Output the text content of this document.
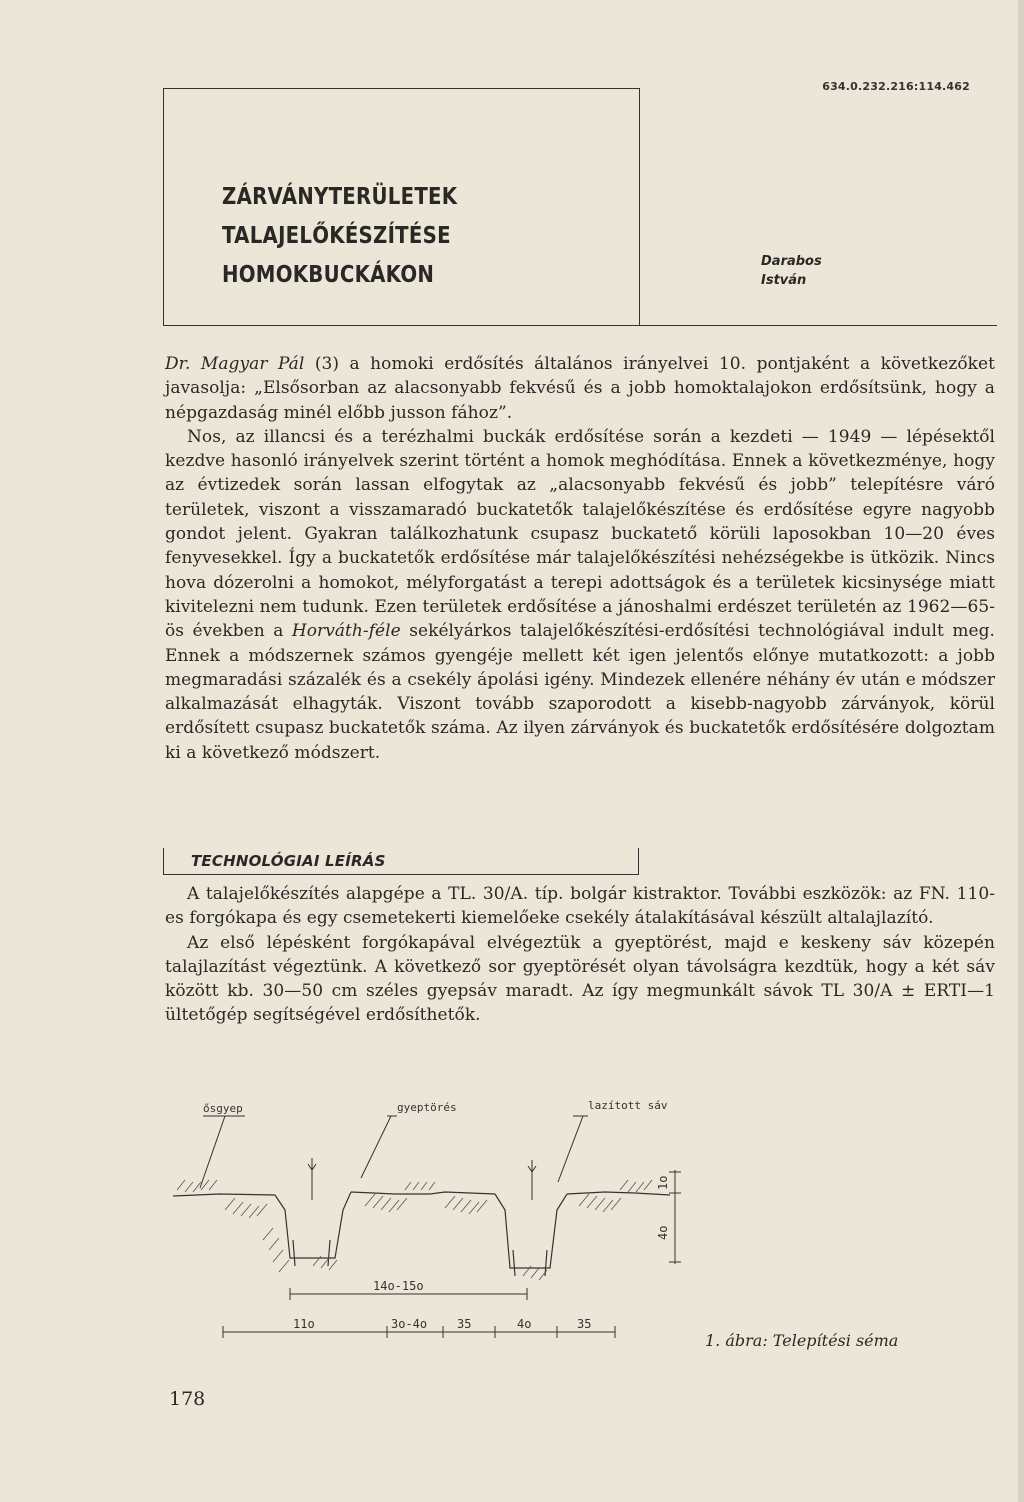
634.0.232.216:114.462
ZÁRVÁNYTERÜLETEK
TALAJELŐKÉSZÍTÉSE
HOMOKBUCKÁKON	Darabos
István

Dr. Magyar Pál (3) a homoki erdősítés általános irányelvei 10. pontjaként a következőket javasolja: „Elsősorban az alacsonyabb fekvésű és a jobb homoktalajokon erdősítsünk, hogy a népgazdaság minél előbb jusson fához”.

Nos, az illancsi és a terézhalmi buckák erdősítése során a kezdeti — 1949 — lépésektől kezdve hasonló irányelvek szerint történt a homok meghódítása. Ennek a következménye, hogy az évtizedek során lassan elfogytak az „alacsonyabb fekvésű és jobb” telepítésre váró területek, viszont a visszamaradó buckatetők talajelőkészítése és erdősítése egyre nagyobb gondot jelent. Gyakran találkozhatunk csupasz buckatető körüli laposokban 10—20 éves fenyvesekkel. Így a buckatetők erdősítése már talajelőkészítési nehézségekbe is ütközik. Nincs hova dózerolni a homokot, mélyforgatást a terepi adottságok és a területek kicsinysége miatt kivitelezni nem tudunk. Ezen területek erdősítése a jánoshalmi erdészet területén az 1962—65-ös években a Horváth-féle sekélyárkos talajelőkészítési-erdősítési technológiával indult meg. Ennek a módszernek számos gyengéje mellett két igen jelentős előnye mutatkozott: a jobb megmaradási százalék és a csekély ápolási igény. Mindezek ellenére néhány év után e módszer alkalmazását elhagyták. Viszont tovább szaporodott a kisebb-nagyobb zárványok, körül erdősített csupasz buckatetők száma. Az ilyen zárványok és buckatetők erdősítésére dolgoztam ki a következő módszert.

TECHNOLÓGIAI LEÍRÁS

A talajelőkészítés alapgépe a TL. 30/A. típ. bolgár kistraktor. További eszközök: az FN. 110-es forgókapa és egy csemetekerti kiemelőeke csekély átalakításával készült altalajlazító.

Az első lépésként forgókapával elvégeztük a gyeptörést, majd e keskeny sáv közepén talajlazítást végeztünk. A következő sor gyeptörését olyan távolságra kezdtük, hogy a két sáv között kb. 30—50 cm széles gyepsáv maradt. Az így megmunkált sávok TL 30/A ± ERTI—1 ültetőgép segítségével erdősíthetők.

ősgyep	gyeptörés	lazított sáv
1o
4o
14o-15o
11o	3o-4o 35	4o	35
1. ábra: Telepítési séma
178
